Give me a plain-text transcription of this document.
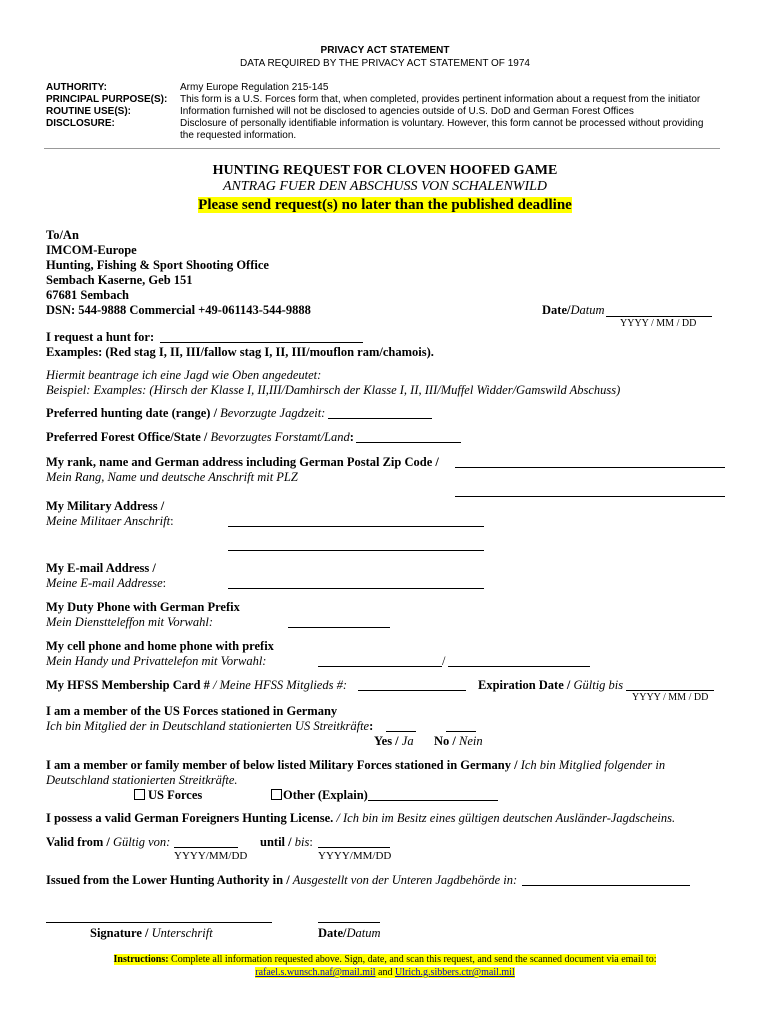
PRIVACY ACT STATEMENT
DATA REQUIRED BY THE PRIVACY ACT STATEMENT OF 1974
AUTHORITY:	Army Europe Regulation 215-145
PRINCIPAL PURPOSE(S): This form is a U.S. Forces form that, when completed, provides pertinent information about a request from the initiator
ROUTINE USE(S):	Information furnished will not be disclosed to agencies outside of U.S. DoD and German Forest Offices
DISCLOSURE:	Disclosure of personally identifiable information is voluntary. However, this form cannot be processed without providing
the requested information.
HUNTING REQUEST FOR CLOVEN HOOFED GAME
ANTRAG FUER DEN ABSCHUSS VON SCHALENWILD
Please send request(s) no later than the published deadline
To/An
IMCOM-Europe
Hunting, Fishing & Sport Shooting Office
Sembach Kaserne, Geb 151
67681 Sembach
DSN: 544-9888 Commercial +49-061143-544-9888	Date/Datum
YYYY / MM / DD
I request a hunt for:
Examples: (Red stag I, II, III/fallow stag I, II, III/mouflon ram/chamois).
Hiermit beantrage ich eine Jagd wie Oben angedeutet:
Beispiel: Examples: (Hirsch der Klasse I, II,III/Damhirsch der Klasse I, II, III/Muffel Widder/Gamswild Abschuss)
Preferred hunting date (range) / Bevorzugte Jagdzeit:
Preferred Forest Office/State / Bevorzugtes Forstamt/Land:
My rank, name and German address including German Postal Zip Code /
Mein Rang, Name und deutsche Anschrift mit PLZ
My Military Address /
Meine Militaer Anschrift:
My E-mail Address /
Meine E-mail Addresse:
My Duty Phone with German Prefix
Mein Dienstteleffon mit Vorwahl:
My cell phone and home phone with prefix
Mein Handy und Privattelefon mit Vorwahl:	/
My HFSS Membership Card # / Meine HFSS Mitglieds #:	Expiration Date / Gültig bis
YYYY / MM / DD
I am a member of the US Forces stationed in Germany
Ich bin Mitglied der in Deutschland stationierten US Streitkräfte:
Yes / Ja No / Nein
I am a member or family member of below listed Military Forces stationed in Germany / Ich bin Mitglied folgender in
Deutschland stationierten Streitkräfte.
US Forces	Other (Explain)
I possess a valid German Foreigners Hunting License. / Ich bin im Besitz eines gültigen deutschen Ausländer-Jagdscheins.
Valid from / Gültig von:	until / bis:
YYYY/MM/DD	YYYY/MM/DD
Issued from the Lower Hunting Authority in / Ausgestellt von der Unteren Jagdbehörde in:
Signature / Unterschrift	Date/Datum
Instructions: Complete all information requested above. Sign, date, and scan this request, and send the scanned document via email to:
rafael.s.wunsch.naf@mail.mil and Ulrich.g.sibbers.ctr@mail.mil
